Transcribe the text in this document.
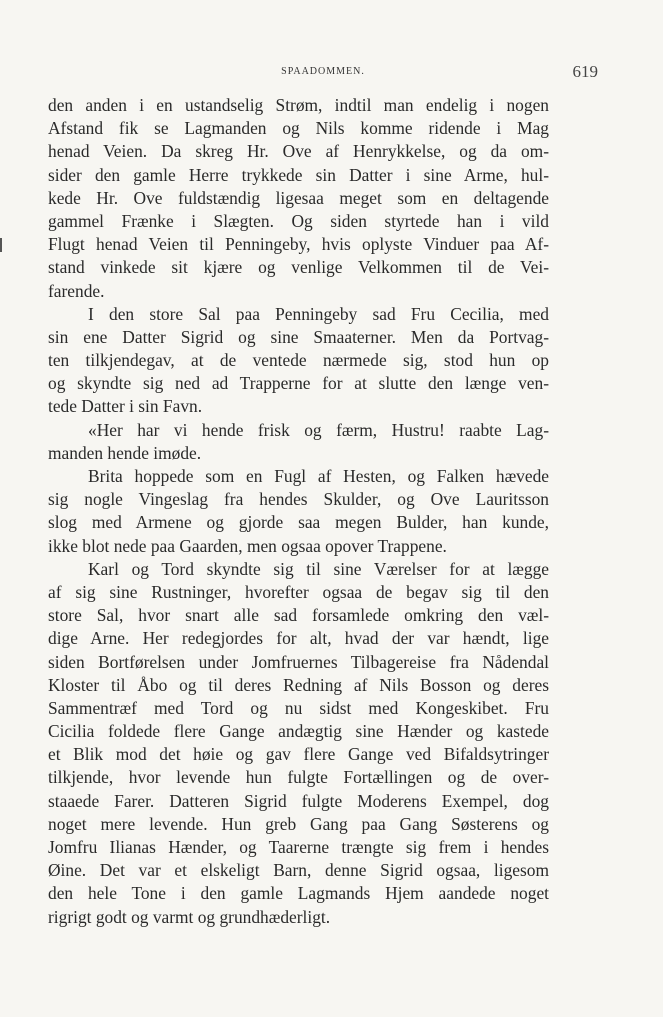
SPAADOMMEN.	619
den anden i en ustandselig Strøm, indtil man endelig i nogen
Afstand fik se Lagmanden og Nils komme ridende i Mag
henad Veien. Da skreg Hr. Ove af Henrykkelse, og da om-
sider den gamle Herre trykkede sin Datter i sine Arme, hul-
kede Hr. Ove fuldstændig ligesaa meget som en deltagende
gammel Frænke i Slægten. Og siden styrtede han i vild
Flugt henad Veien til Penningeby, hvis oplyste Vinduer paa Af-
stand vinkede sit kjære og venlige Velkommen til de Vei-
farende.
I den store Sal paa Penningeby sad Fru Cecilia, med
sin ene Datter Sigrid og sine Smaaterner. Men da Portvag-
ten tilkjendegav, at de ventede nærmede sig, stod hun op
og skyndte sig ned ad Trapperne for at slutte den længe ven-
tede Datter i sin Favn.
«Her har vi hende frisk og færm, Hustru! raabte Lag-
manden hende imøde.
Brita hoppede som en Fugl af Hesten, og Falken hævede
sig nogle Vingeslag fra hendes Skulder, og Ove Lauritsson
slog med Armene og gjorde saa megen Bulder, han kunde,
ikke blot nede paa Gaarden, men ogsaa opover Trappene.
Karl og Tord skyndte sig til sine Værelser for at lægge
af sig sine Rustninger, hvorefter ogsaa de begav sig til den
store Sal, hvor snart alle sad forsamlede omkring den væl-
dige Arne. Her redegjordes for alt, hvad der var hændt, lige
siden Bortførelsen under Jomfruernes Tilbagereise fra Nådendal
Kloster til Åbo og til deres Redning af Nils Bosson og deres
Sammentræf med Tord og nu sidst med Kongeskibet. Fru
Cicilia foldede flere Gange andægtig sine Hænder og kastede
et Blik mod det høie og gav flere Gange ved Bifaldsytringer
tilkjende, hvor levende hun fulgte Fortællingen og de over-
staaede Farer. Datteren Sigrid fulgte Moderens Exempel, dog
noget mere levende. Hun greb Gang paa Gang Søsterens og
Jomfru Ilianas Hænder, og Taarerne trængte sig frem i hendes
Øine. Det var et elskeligt Barn, denne Sigrid ogsaa, ligesom
den hele Tone i den gamle Lagmands Hjem aandede noget
rigrigt godt og varmt og grundhæderligt.
